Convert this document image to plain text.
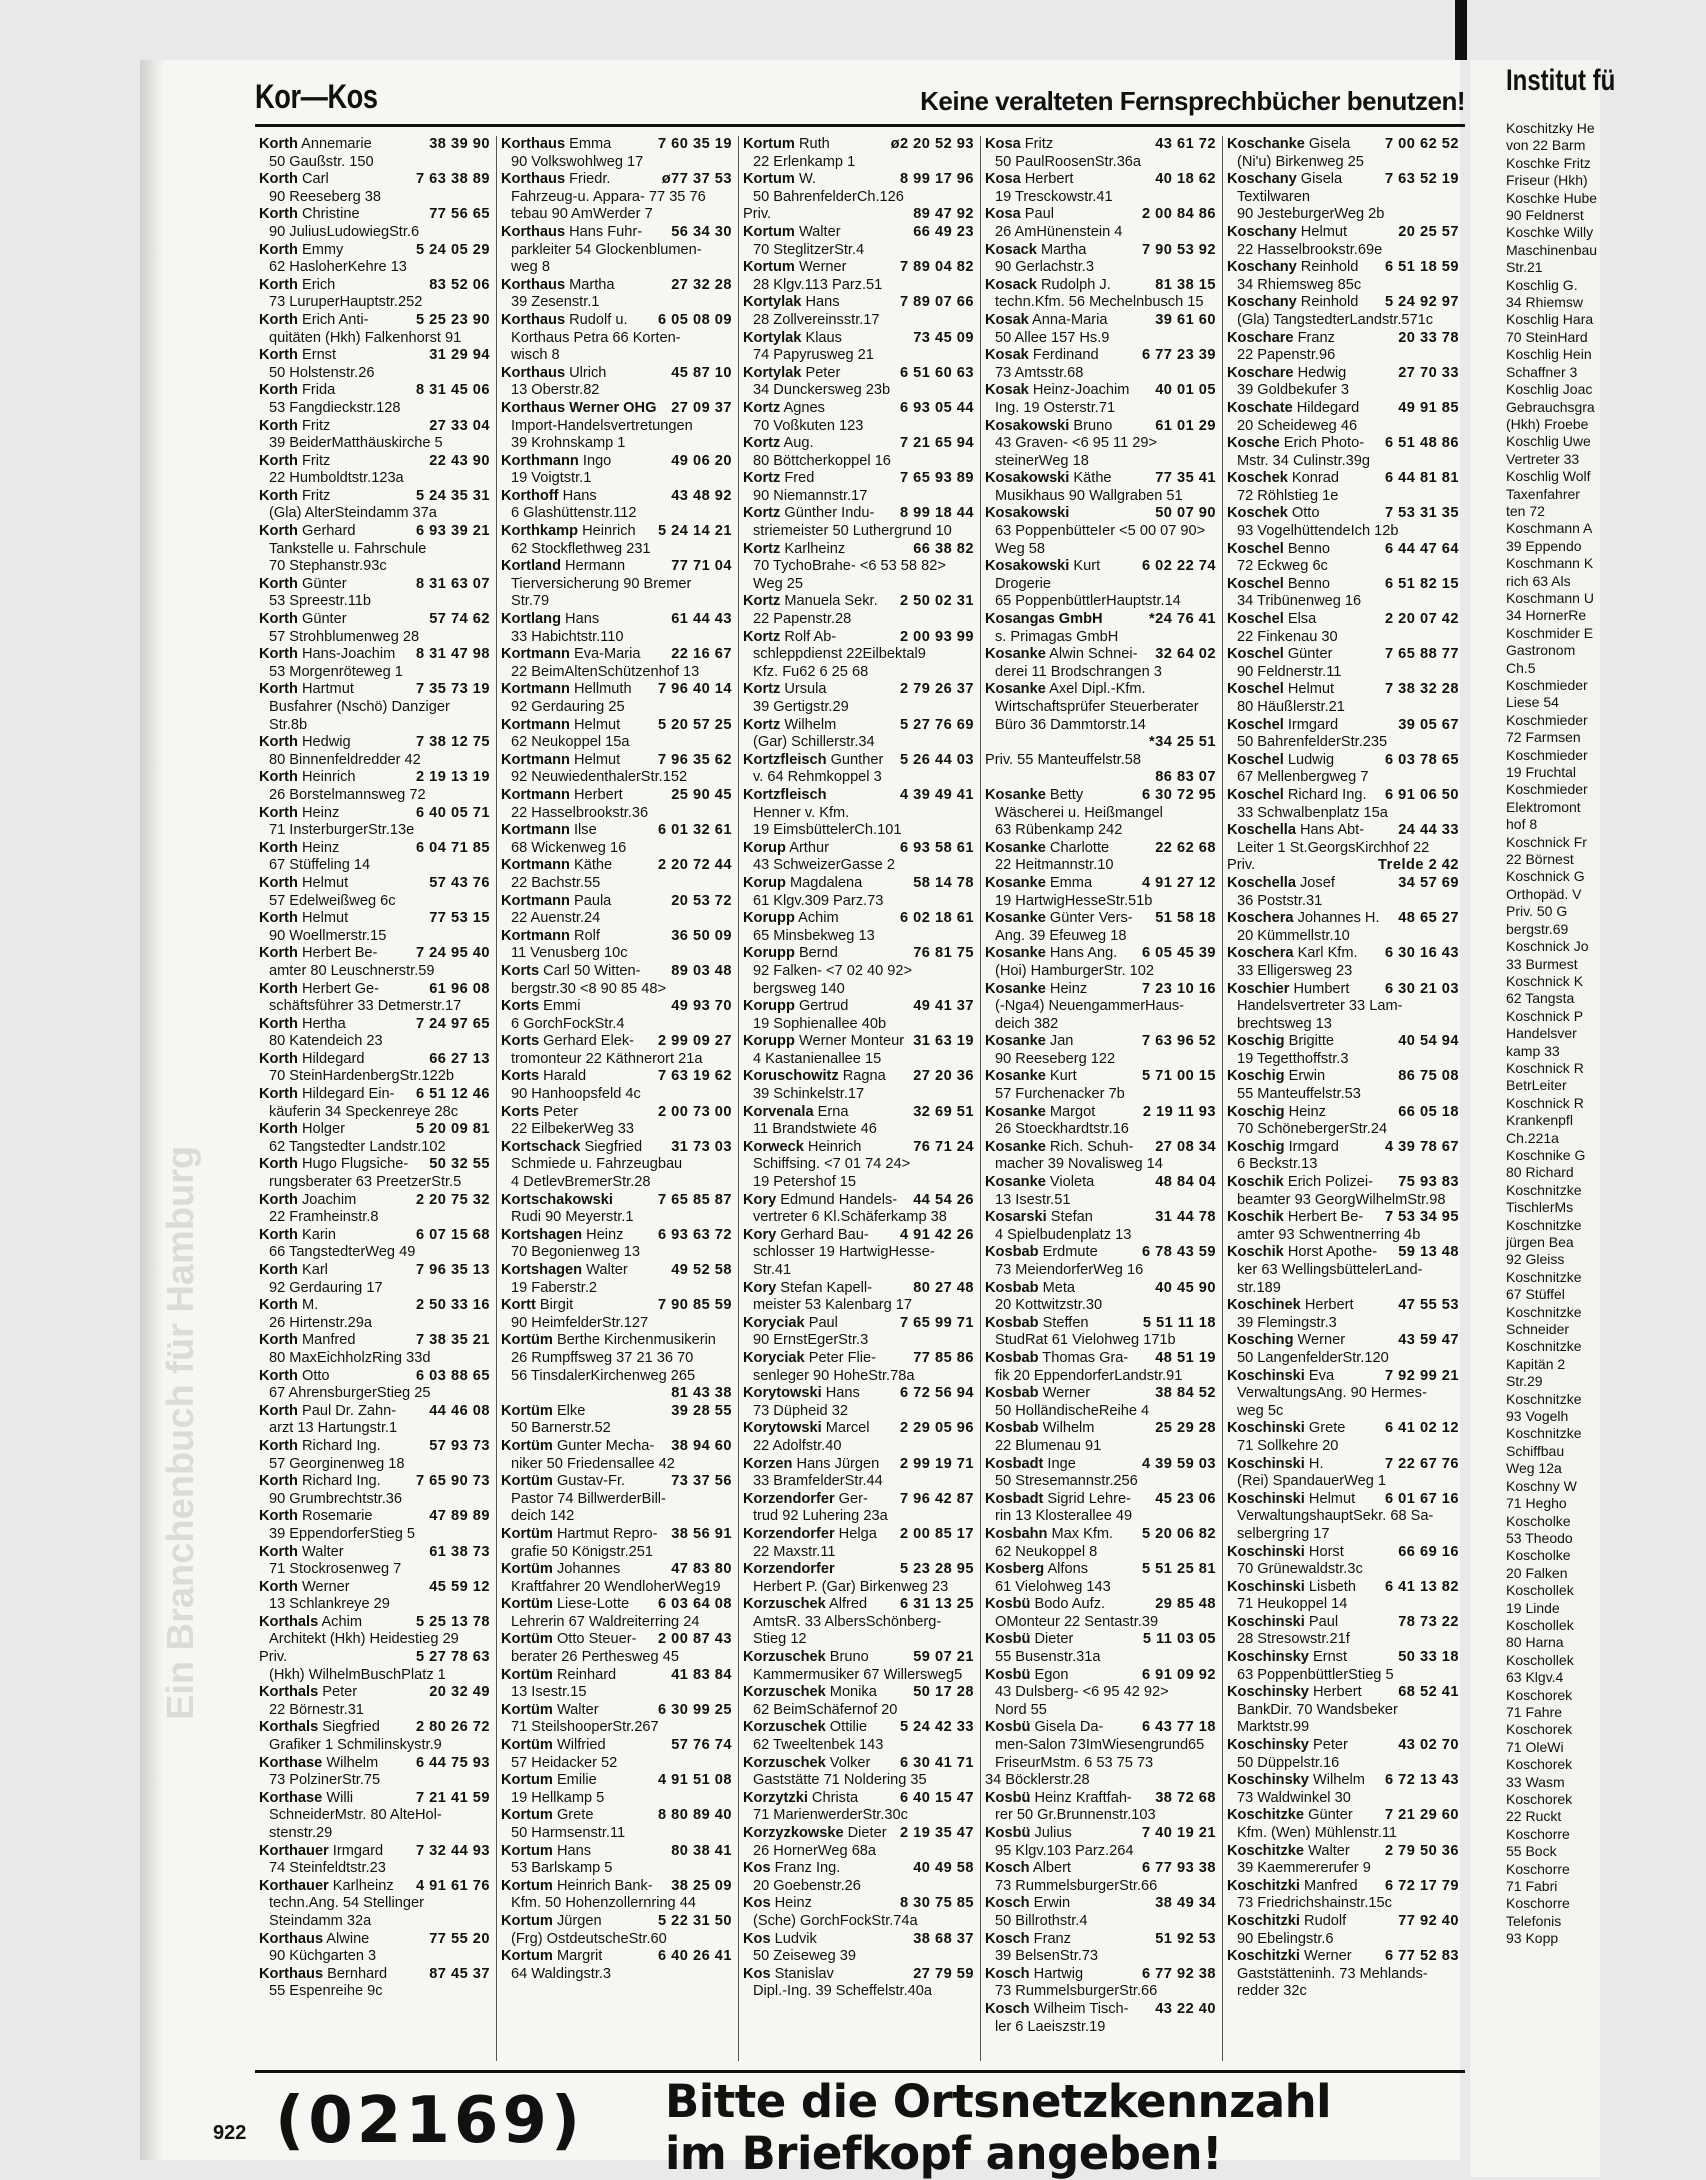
Ein Branchenbuch für Hamburg
Kor—Kos	Keine veralteten Fernsprechbücher benutzen!
Korth Annemarie	38 39 90
50 Gaußstr. 150
Korth Carl	7 63 38 89
90 Reeseberg 38
Korth Christine	77 56 65
90 JuliusLudowiegStr.6
Korth Emmy	5 24 05 29
62 HasloherKehre 13
Korth Erich	83 52 06
73 LuruperHauptstr.252
Korth Erich Anti-	5 25 23 90
quitäten (Hkh) Falkenhorst 91
Korth Ernst	31 29 94
50 Holstenstr.26
Korth Frida	8 31 45 06
53 Fangdieckstr.128
Korth Fritz	27 33 04
39 BeiderMatthäuskirche 5
Korth Fritz	22 43 90
22 Humboldtstr.123a
Korth Fritz	5 24 35 31
(Gla) AlterSteindamm 37a
Korth Gerhard	6 93 39 21
Tankstelle u. Fahrschule
70 Stephanstr.93c
Korth Günter	8 31 63 07
53 Spreestr.11b
Korth Günter	57 74 62
57 Strohblumenweg 28
Korth Hans-Joachim 8 31 47 98
53 Morgenröteweg 1
Korth Hartmut	7 35 73 19
Busfahrer (Nschö) Danziger
Str.8b
Korth Hedwig	7 38 12 75
80 Binnenfeldredder 42
Korth Heinrich	2 19 13 19
26 Borstelmannsweg 72
Korth Heinz	6 40 05 71
71 InsterburgerStr.13e
Korth Heinz	6 04 71 85
67 Stüffeling 14
Korth Helmut	57 43 76
57 Edelweißweg 6c
Korth Helmut	77 53 15
90 Woellmerstr.15
Korth Herbert Be-	7 24 95 40
amter 80 Leuschnerstr.59
Korth Herbert Ge-	61 96 08
schäftsführer 33 Detmerstr.17
Korth Hertha	7 24 97 65
80 Katendeich 23
Korth Hildegard	66 27 13
70 SteinHardenbergStr.122b
Korth Hildegard Ein- 6 51 12 46
käuferin 34 Speckenreye 28c
Korth Holger	5 20 09 81
62 Tangstedter Landstr.102
Korth Hugo Flugsiche- 50 32 55
rungsberater 63 PreetzerStr.5
Korth Joachim	2 20 75 32
22 Framheinstr.8
Korth Karin	6 07 15 68
66 TangstedterWeg 49
Korth Karl	7 96 35 13
92 Gerdauring 17
Korth M.	2 50 33 16
26 Hirtenstr.29a
Korth Manfred	7 38 35 21
80 MaxEichholzRing 33d
Korth Otto	6 03 88 65
67 AhrensburgerStieg 25
Korth Paul Dr. Zahn- 44 46 08
arzt 13 Hartungstr.1
Korth Richard Ing.	57 93 73
57 Georginenweg 18
Korth Richard Ing. 7 65 90 73
90 Grumbrechtstr.36
Korth Rosemarie	47 89 89
39 EppendorferStieg 5
Korth Walter	61 38 73
71 Stockrosenweg 7
Korth Werner	45 59 12
13 Schlankreye 29
Korthals Achim	5 25 13 78
Architekt (Hkh) Heidestieg 29
Priv.	5 27 78 63
(Hkh) WilhelmBuschPlatz 1
Korthals Peter	20 32 49
22 Börnestr.31
Korthals Siegfried 2 80 26 72
Grafiker 1 Schmilinskystr.9
Korthase Wilhelm	6 44 75 93
73 PolzinerStr.75
Korthase Willi	7 21 41 59
SchneiderMstr. 80 AlteHol-
stenstr.29
Korthauer Irmgard 7 32 44 93
74 Steinfeldtstr.23
Korthauer Karlheinz 4 91 61 76
techn.Ang. 54 Stellinger
Steindamm 32a
Korthaus Alwine	77 55 20
90 Küchgarten 3
Korthaus Bernhard	87 45 37
55 Espenreihe 9c
Korthaus Emma	7 60 35 19
90 Volkswohlweg 17
Korthaus Friedr.	ø77 37 53
Fahrzeug-u. Appara- 77 35 76
tebau 90 AmWerder 7
Korthaus Hans Fuhr- 56 34 30
parkleiter 54 Glockenblumen-
weg 8
Korthaus Martha	27 32 28
39 Zesenstr.1
Korthaus Rudolf u. 6 05 08 09
Korthaus Petra 66 Korten-
wisch 8
Korthaus Ulrich	45 87 10
13 Oberstr.82
Korthaus Werner OHG 27 09 37
Import-Handelsvertretungen
39 Krohnskamp 1
Korthmann Ingo	49 06 20
19 Voigtstr.1
Korthoff Hans	43 48 92
6 Glashüttenstr.112
Korthkamp Heinrich 5 24 14 21
62 Stockflethweg 231
Kortland Hermann	77 71 04
Tierversicherung 90 Bremer
Str.79
Kortlang Hans	61 44 43
33 Habichtstr.110
Kortmann Eva-Maria 22 16 67
22 BeimAltenSchützenhof 13
Kortmann Hellmuth 7 96 40 14
92 Gerdauring 25
Kortmann Helmut	5 20 57 25
62 Neukoppel 15a
Kortmann Helmut	7 96 35 62
92 NeuwiedenthalerStr.152
Kortmann Herbert	25 90 45
22 Hasselbrookstr.36
Kortmann Ilse	6 01 32 61
68 Wickenweg 16
Kortmann Käthe	2 20 72 44
22 Bachstr.55
Kortmann Paula	20 53 72
22 Auenstr.24
Kortmann Rolf	36 50 09
11 Venusberg 10c
Korts Carl 50 Witten- 89 03 48
bergstr.30 <8 90 85 48>
Korts Emmi	49 93 70
6 GorchFockStr.4
Korts Gerhard Elek- 2 99 09 27
tromonteur 22 Käthnerort 21a
Korts Harald	7 63 19 62
90 Hanhoopsfeld 4c
Korts Peter	2 00 73 00
22 EilbekerWeg 33
Kortschack Siegfried 31 73 03
Schmiede u. Fahrzeugbau
4 DetlevBremerStr.28
Kortschakowski	7 65 85 87
Rudi 90 Meyerstr.1
Kortshagen Heinz 6 93 63 72
70 Begonienweg 13
Kortshagen Walter	49 52 58
19 Faberstr.2
Kortt Birgit	7 90 85 59
90 HeimfelderStr.127
Kortüm Berthe Kirchenmusikerin
26 Rumpffsweg 37 21 36 70
56 TinsdalerKirchenweg 265
81 43 38
Kortüm Elke	39 28 55
50 Barnerstr.52
Kortüm Gunter Mecha- 38 94 60
niker 50 Friedensallee 42
Kortüm Gustav-Fr.	73 37 56
Pastor 74 BillwerderBill-
deich 142
Kortüm Hartmut Repro- 38 56 91
grafie 50 Königstr.251
Kortüm Johannes	47 83 80
Kraftfahrer 20 WendloherWeg19
Kortüm Liese-Lotte 6 03 64 08
Lehrerin 67 Waldreiterring 24
Kortüm Otto Steuer- 2 00 87 43
berater 26 Perthesweg 45
Kortüm Reinhard	41 83 84
13 Isestr.15
Kortüm Walter	6 30 99 25
71 SteilshooperStr.267
Kortüm Wilfried	57 76 74
57 Heidacker 52
Kortum Emilie	4 91 51 08
19 Hellkamp 5
Kortum Grete	8 80 89 40
50 Harmsenstr.11
Kortum Hans	80 38 41
53 Barlskamp 5
Kortum Heinrich Bank- 38 25 09
Kfm. 50 Hohenzollernring 44
Kortum Jürgen	5 22 31 50
(Frg) OstdeutscheStr.60
Kortum Margrit	6 40 26 41
64 Waldingstr.3
Kortum Ruth	ø2 20 52 93
22 Erlenkamp 1
Kortum W.	8 99 17 96
50 BahrenfelderCh.126
Priv.	89 47 92
Kortum Walter	66 49 23
70 SteglitzerStr.4
Kortum Werner	7 89 04 82
28 Klgv.113 Parz.51
Kortylak Hans	7 89 07 66
28 Zollvereinsstr.17
Kortylak Klaus	73 45 09
74 Papyrusweg 21
Kortylak Peter	6 51 60 63
34 Dunckersweg 23b
Kortz Agnes	6 93 05 44
70 Voßkuten 123
Kortz Aug.	7 21 65 94
80 Böttcherkoppel 16
Kortz Fred	7 65 93 89
90 Niemannstr.17
Kortz Günther Indu- 8 99 18 44
striemeister 50 Luthergrund 10
Kortz Karlheinz	66 38 82
70 TychoBrahe- <6 53 58 82>
Weg 25
Kortz Manuela Sekr. 2 50 02 31
22 Papenstr.28
Kortz Rolf Ab-	2 00 93 99
schleppdienst 22Eilbektal9
Kfz. Fu62 6 25 68
Kortz Ursula	2 79 26 37
39 Gertigstr.29
Kortz Wilhelm	5 27 76 69
(Gar) Schillerstr.34
Kortzfleisch Gunther 5 26 44 03
v. 64 Rehmkoppel 3
Kortzfleisch	4 39 49 41
Henner v. Kfm.
19 EimsbüttelerCh.101
Korup Arthur	6 93 58 61
43 SchweizerGasse 2
Korup Magdalena	58 14 78
61 Klgv.309 Parz.73
Korupp Achim	6 02 18 61
65 Minsbekweg 13
Korupp Bernd	76 81 75
92 Falken- <7 02 40 92>
bergsweg 140
Korupp Gertrud	49 41 37
19 Sophienallee 40b
Korupp Werner Monteur 31 63 19
4 Kastanienallee 15
Koruschowitz Ragna 27 20 36
39 Schinkelstr.17
Korvenala Erna	32 69 51
11 Brandstwiete 46
Korweck Heinrich	76 71 24
Schiffsing. <7 01 74 24>
19 Petershof 15
Kory Edmund Handels- 44 54 26
vertreter 6 Kl.Schäferkamp 38
Kory Gerhard Bau- 4 91 42 26
schlosser 19 HartwigHesse-
Str.41
Kory Stefan Kapell-	80 27 48
meister 53 Kalenbarg 17
Koryciak Paul	7 65 99 71
90 ErnstEgerStr.3
Koryciak Peter Flie-	77 85 86
senleger 90 HoheStr.78a
Korytowski Hans	6 72 56 94
73 Düpheid 32
Korytowski Marcel 2 29 05 96
22 Adolfstr.40
Korzen Hans Jürgen 2 99 19 71
33 BramfelderStr.44
Korzendorfer Ger- 7 96 42 87
trud 92 Luhering 23a
Korzendorfer Helga 2 00 85 17
22 Maxstr.11
Korzendorfer	5 23 28 95
Herbert P. (Gar) Birkenweg 23
Korzuschek Alfred 6 31 13 25
AmtsR. 33 AlbersSchönberg-
Stieg 12
Korzuschek Bruno	59 07 21
Kammermusiker 67 Willersweg5
Korzuschek Monika 50 17 28
62 BeimSchäfernof 20
Korzuschek Ottilie 5 24 42 33
62 Tweeltenbek 143
Korzuschek Volker 6 30 41 71
Gaststätte 71 Noldering 35
Korzytzki Christa	6 40 15 47
71 MarienwerderStr.30c
Korzyzkowske Dieter 2 19 35 47
26 HornerWeg 68a
Kos Franz Ing.	40 49 58
20 Goebenstr.26
Kos Heinz	8 30 75 85
(Sche) GorchFockStr.74a
Kos Ludvik	38 68 37
50 Zeiseweg 39
Kos Stanislav	27 79 59
Dipl.-Ing. 39 Scheffelstr.40a
Kosa Fritz	43 61 72
50 PaulRoosenStr.36a
Kosa Herbert	40 18 62
19 Tresckowstr.41
Kosa Paul	2 00 84 86
26 AmHünenstein 4
Kosack Martha	7 90 53 92
90 Gerlachstr.3
Kosack Rudolph J.	81 38 15
techn.Kfm. 56 Mechelnbusch 15
Kosak Anna-Maria	39 61 60
50 Allee 157 Hs.9
Kosak Ferdinand	6 77 23 39
73 Amtsstr.68
Kosak Heinz-Joachim 40 01 05
Ing. 19 Osterstr.71
Kosakowski Bruno	61 01 29
43 Graven- <6 95 11 29>
steinerWeg 18
Kosakowski Käthe	77 35 41
Musikhaus 90 Wallgraben 51
Kosakowski	50 07 90
63 PoppenbütteIer <5 00 07 90>
Weg 58
Kosakowski Kurt	6 02 22 74
Drogerie
65 PoppenbüttlerHauptstr.14
Kosangas GmbH	*24 76 41
s. Primagas GmbH
Kosanke Alwin Schnei- 32 64 02
derei 11 Brodschrangen 3
Kosanke Axel Dipl.-Kfm.
Wirtschaftsprüfer Steuerberater
Büro 36 Dammtorstr.14
*34 25 51
Priv. 55 Manteuffelstr.58
86 83 07
Kosanke Betty	6 30 72 95
Wäscherei u. Heißmangel
63 Rübenkamp 242
Kosanke Charlotte	22 62 68
22 Heitmannstr.10
Kosanke Emma	4 91 27 12
19 HartwigHesseStr.51b
Kosanke Günter Vers- 51 58 18
Ang. 39 Efeuweg 18
Kosanke Hans Ang. 6 05 45 39
(Hoi) HamburgerStr. 102
Kosanke Heinz	7 23 10 16
(-Nga4) NeuengammerHaus-
deich 382
Kosanke Jan	7 63 96 52
90 Reeseberg 122
Kosanke Kurt	5 71 00 15
57 Furchenacker 7b
Kosanke Margot	2 19 11 93
26 Stoeckhardtstr.16
Kosanke Rich. Schuh- 27 08 34
macher 39 Novalisweg 14
Kosanke Violeta	48 84 04
13 Isestr.51
Kosarski Stefan	31 44 78
4 Spielbudenplatz 13
Kosbab Erdmute	6 78 43 59
73 MeiendorferWeg 16
Kosbab Meta	40 45 90
20 Kottwitzstr.30
Kosbab Steffen	5 51 11 18
StudRat 61 Vielohweg 171b
Kosbab Thomas Gra- 48 51 19
fik 20 EppendorferLandstr.91
Kosbab Werner	38 84 52
50 HolländischeReihe 4
Kosbab Wilhelm	25 29 28
22 Blumenau 91
Kosbadt Inge	4 39 59 03
50 Stresemannstr.256
Kosbadt Sigrid Lehre- 45 23 06
rin 13 Klosterallee 49
Kosbahn Max Kfm. 5 20 06 82
62 Neukoppel 8
Kosberg Alfons	5 51 25 81
61 Vielohweg 143
Kosbü Bodo Aufz.	29 85 48
OMonteur 22 Sentastr.39
Kosbü Dieter	5 11 03 05
55 Busenstr.31a
Kosbü Egon	6 91 09 92
43 Dulsberg- <6 95 42 92>
Nord 55
Kosbü Gisela Da-	6 43 77 18
men-Salon 73ImWiesengrund65
FriseurMstm. 6 53 75 73
34 Böcklerstr.28
Kosbü Heinz Kraftfah- 38 72 68
rer 50 Gr.Brunnenstr.103
Kosbü Julius	7 40 19 21
95 Klgv.103 Parz.264
Kosch Albert	6 77 93 38
73 RummelsburgerStr.66
Kosch Erwin	38 49 34
50 Billrothstr.4
Kosch Franz	51 92 53
39 BelsenStr.73
Kosch Hartwig	6 77 92 38
73 RummelsburgerStr.66
Kosch Wilheim Tisch- 43 22 40
ler 6 Laeiszstr.19
Koschanke Gisela 7 00 62 52
(Ni'u) Birkenweg 25
Koschany Gisela	7 63 52 19
Textilwaren
90 JesteburgerWeg 2b
Koschany Helmut	20 25 57
22 Hasselbrookstr.69e
Koschany Reinhold 6 51 18 59
34 Rhiemsweg 85c
Koschany Reinhold 5 24 92 97
(Gla) TangstedterLandstr.571c
Koschare Franz	20 33 78
22 Papenstr.96
Koschare Hedwig	27 70 33
39 Goldbekufer 3
Koschate Hildegard	49 91 85
20 Scheideweg 46
Kosche Erich Photo- 6 51 48 86
Mstr. 34 Culinstr.39g
Koschek Konrad	6 44 81 81
72 Röhlstieg 1e
Koschek Otto	7 53 31 35
93 VogelhüttendeIch 12b
Koschel Benno	6 44 47 64
72 Eckweg 6c
Koschel Benno	6 51 82 15
34 Tribünenweg 16
Koschel Elsa	2 20 07 42
22 Finkenau 30
Koschel Günter	7 65 88 77
90 Feldnerstr.11
Koschel Helmut	7 38 32 28
80 Häußlerstr.21
Koschel Irmgard	39 05 67
50 BahrenfelderStr.235
Koschel Ludwig	6 03 78 65
67 Mellenbergweg 7
Koschel Richard Ing. 6 91 06 50
33 Schwalbenplatz 15a
Koschella Hans Abt- 24 44 33
Leiter 1 St.GeorgsKirchhof 22
Priv.	Trelde 2 42
Koschella Josef	34 57 69
36 Poststr.31
Koschera Johannes H. 48 65 27
20 Kümmellstr.10
Koschera Karl Kfm. 6 30 16 43
33 Elligersweg 23
Koschier Humbert 6 30 21 03
Handelsvertreter 33 Lam-
brechtsweg 13
Koschig Brigitte	40 54 94
19 Tegetthoffstr.3
Koschig Erwin	86 75 08
55 Manteuffelstr.53
Koschig Heinz	66 05 18
70 SchönebergerStr.24
Koschig Irmgard	4 39 78 67
6 Beckstr.13
Koschik Erich Polizei- 75 93 83
beamter 93 GeorgWilhelmStr.98
Koschik Herbert Be- 7 53 34 95
amter 93 Schwentnerring 4b
Koschik Horst Apothe- 59 13 48
ker 63 WellingsbüttelerLand-
str.189
Koschinek Herbert	47 55 53
39 Flemingstr.3
Kosching Werner	43 59 47
50 LangenfelderStr.120
Koschinski Eva	7 92 99 21
VerwaltungsAng. 90 Hermes-
weg 5c
Koschinski Grete	6 41 02 12
71 Sollkehre 20
Koschinski H.	7 22 67 76
(Rei) SpandauerWeg 1
Koschinski Helmut 6 01 67 16
VerwaltungshauptSekr. 68 Sa-
selbergring 17
Koschinski Horst	66 69 16
70 Grünewaldstr.3c
Koschinski Lisbeth 6 41 13 82
71 Heukoppel 14
Koschinski Paul	78 73 22
28 Stresowstr.21f
Koschinsky Ernst	50 33 18
63 PoppenbüttlerStieg 5
Koschinsky Herbert	68 52 41
BankDir. 70 Wandsbeker
Marktstr.99
Koschinsky Peter	43 02 70
50 Düppelstr.16
Koschinsky Wilhelm 6 72 13 43
73 Waldwinkel 30
Koschitzke Günter 7 21 29 60
Kfm. (Wen) Mühlenstr.11
Koschitzke Walter 2 79 50 36
39 Kaemmererufer 9
Koschitzki Manfred 6 72 17 79
73 Friedrichshainstr.15c
Koschitzki Rudolf	77 92 40
90 Ebelingstr.6
Koschitzki Werner 6 77 52 83
Gaststätteninh. 73 Mehlands-
redder 32c
922 (02169) Bitte die Ortsnetzkennzahl
im Briefkopf angeben!
Institut fü
Koschitzky He
von 22 Barm
Koschke Fritz
Friseur (Hkh)
Koschke Hube
90 Feldnerst
Koschke Willy
Maschinenbau
Str.21
Koschlig G.
34 Rhiemsw
Koschlig Hara
70 SteinHard
Koschlig Hein
Schaffner 3
Koschlig Joac
Gebrauchsgra
(Hkh) Froebe
Koschlig Uwe
Vertreter 33
Koschlig Wolf
Taxenfahrer
ten 72
Koschmann A
39 Eppendo
Koschmann K
rich 63 Als
Koschmann U
34 HornerRe
Koschmider E
Gastronom
Ch.5
Koschmieder
Liese 54
Koschmieder
72 Farmsen
Koschmieder
19 Fruchtal
Koschmieder
Elektromont
hof 8
Koschnick Fr
22 Börnest
Koschnick G
Orthopäd. V
Priv. 50 G
bergstr.69
Koschnick Jo
33 Burmest
Koschnick K
62 Tangsta
Koschnick P
Handelsver
kamp 33
Koschnick R
BetrLeiter
Koschnick R
Krankenpfl
Ch.221a
Koschnike G
80 Richard
Koschnitzke
TischlerMs
Koschnitzke
jürgen Bea
92 Gleiss
Koschnitzke
67 Stüffel
Koschnitzke
Schneider
Koschnitzke
Kapitän 2
Str.29
Koschnitzke
93 Vogelh
Koschnitzke
Schiffbau
Weg 12a
Koschny W
71 Hegho
Koscholke
53 Theodo
Koscholke
20 Falken
Koschollek
19 Linde
Koschollek
80 Harna
Koschollek
63 Klgv.4
Koschorek
71 Fahre
Koschorek
71 OleWi
Koschorek
33 Wasm
Koschorek
22 Ruckt
Koschorre
55 Bock
Koschorre
71 Fabri
Koschorre
Telefonis
93 Kopp
